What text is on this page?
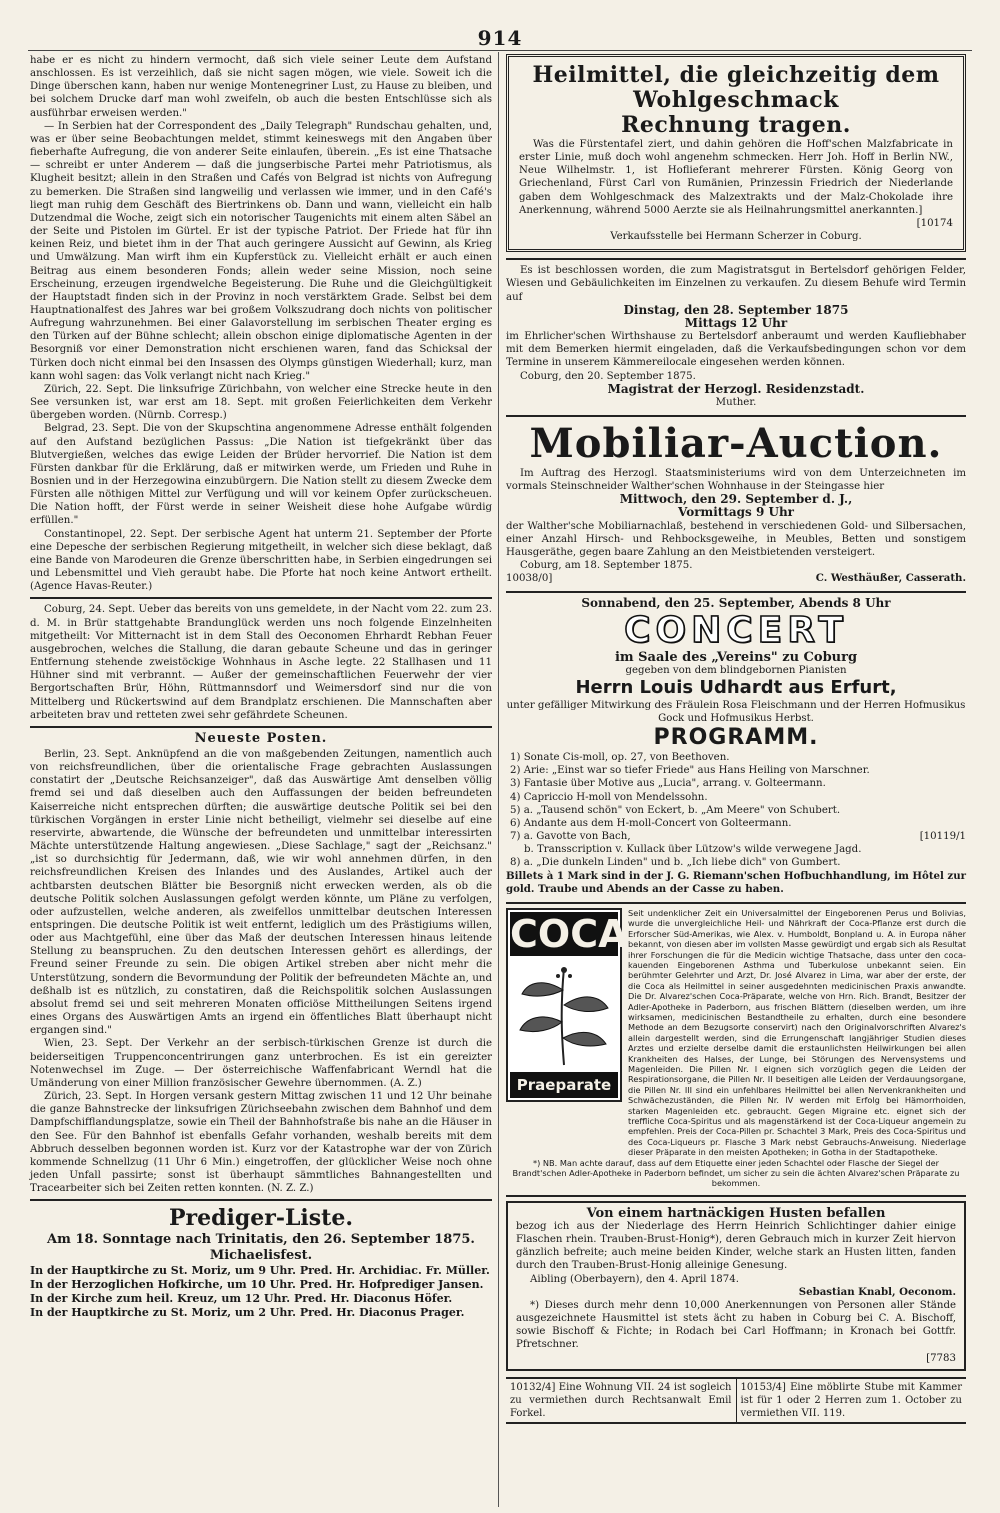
914

habe er es nicht zu hindern vermocht, daß sich viele seiner Leute dem Aufstand anschlossen. Es ist verzeihlich, daß sie nicht sagen mögen, wie viele. Soweit ich die Dinge überschen kann, haben nur wenige Montenegriner Lust, zu Hause zu bleiben, und bei solchem Drucke darf man wohl zweifeln, ob auch die besten Entschlüsse sich als ausführbar erweisen werden."

— In Serbien hat der Correspondent des „Daily Telegraph" Rundschau gehalten, und, was er über seine Beobachtungen meldet, stimmt keineswegs mit den Angaben über fieberhafte Aufregung, die von anderer Seite einlaufen, überein. „Es ist eine Thatsache — schreibt er unter Anderem — daß die jungserbische Partei mehr Patriotismus, als Klugheit besitzt; allein in den Straßen und Cafés von Belgrad ist nichts von Aufregung zu bemerken. Die Straßen sind langweilig und verlassen wie immer, und in den Café's liegt man ruhig dem Geschäft des Biertrinkens ob. Dann und wann, vielleicht ein halb Dutzendmal die Woche, zeigt sich ein notorischer Taugenichts mit einem alten Säbel an der Seite und Pistolen im Gürtel. Er ist der typische Patriot. Der Friede hat für ihn keinen Reiz, und bietet ihm in der That auch geringere Aussicht auf Gewinn, als Krieg und Umwälzung. Man wirft ihm ein Kupferstück zu. Vielleicht erhält er auch einen Beitrag aus einem besonderen Fonds; allein weder seine Mission, noch seine Erscheinung, erzeugen irgendwelche Begeisterung. Die Ruhe und die Gleichgültigkeit der Hauptstadt finden sich in der Provinz in noch verstärktem Grade. Selbst bei dem Hauptnationalfest des Jahres war bei großem Volkszudrang doch nichts von politischer Aufregung wahrzunehmen. Bei einer Galavorstellung im serbischen Theater erging es den Türken auf der Bühne schlecht; allein obschon einige diplomatische Agenten in der Besorgniß vor einer Demonstration nicht erschienen waren, fand das Schicksal der Türken doch nicht einmal bei den Insassen des Olymps günstigen Wiederhall; kurz, man kann wohl sagen: das Volk verlangt nicht nach Krieg."

Zürich, 22. Sept. Die linksufrige Zürichbahn, von welcher eine Strecke heute in den See versunken ist, war erst am 18. Sept. mit großen Feierlichkeiten dem Verkehr übergeben worden. (Nürnb. Corresp.)

Belgrad, 23. Sept. Die von der Skupschtina angenommene Adresse enthält folgenden auf den Aufstand bezüglichen Passus: „Die Nation ist tiefgekränkt über das Blutvergießen, welches das ewige Leiden der Brüder hervorrief. Die Nation ist dem Fürsten dankbar für die Erklärung, daß er mitwirken werde, um Frieden und Ruhe in Bosnien und in der Herzegowina einzubürgern. Die Nation stellt zu diesem Zwecke dem Fürsten alle nöthigen Mittel zur Verfügung und will vor keinem Opfer zurückscheuen. Die Nation hofft, der Fürst werde in seiner Weisheit diese hohe Aufgabe würdig erfüllen."

Constantinopel, 22. Sept. Der serbische Agent hat unterm 21. September der Pforte eine Depesche der serbischen Regierung mitgetheilt, in welcher sich diese beklagt, daß eine Bande von Marodeuren die Grenze überschritten habe, in Serbien eingedrungen sei und Lebensmittel und Vieh geraubt habe. Die Pforte hat noch keine Antwort ertheilt. (Agence Havas-Reuter.)

Coburg, 24. Sept. Ueber das bereits von uns gemeldete, in der Nacht vom 22. zum 23. d. M. in Brür stattgehabte Brandunglück werden uns noch folgende Einzelnheiten mitgetheilt: Vor Mitternacht ist in dem Stall des Oeconomen Ehrhardt Rebhan Feuer ausgebrochen, welches die Stallung, die daran gebaute Scheune und das in geringer Entfernung stehende zweistöckige Wohnhaus in Asche legte. 22 Stallhasen und 11 Hühner sind mit verbrannt. — Außer der gemeinschaftlichen Feuerwehr der vier Bergortschaften Brür, Höhn, Rüttmannsdorf und Weimersdorf sind nur die von Mittelberg und Rückertswind auf dem Brandplatz erschienen. Die Mannschaften aber arbeiteten brav und retteten zwei sehr gefährdete Scheunen.

Neueste Posten.

Berlin, 23. Sept. Anknüpfend an die von maßgebenden Zeitungen, namentlich auch von reichsfreundlichen, über die orientalische Frage gebrachten Auslassungen constatirt der „Deutsche Reichsanzeiger", daß das Auswärtige Amt denselben völlig fremd sei und daß dieselben auch den Auffassungen der beiden befreundeten Kaiserreiche nicht entsprechen dürften; die auswärtige deutsche Politik sei bei den türkischen Vorgängen in erster Linie nicht betheiligt, vielmehr sei dieselbe auf eine reservirte, abwartende, die Wünsche der befreundeten und unmittelbar interessirten Mächte unterstützende Haltung angewiesen. „Diese Sachlage," sagt der „Reichsanz." „ist so durchsichtig für Jedermann, daß, wie wir wohl annehmen dürfen, in den reichsfreundlichen Kreisen des Inlandes und des Auslandes, Artikel auch der achtbarsten deutschen Blätter bie Besorgniß nicht erwecken werden, als ob die deutsche Politik solchen Auslassungen gefolgt werden könnte, um Pläne zu verfolgen, oder aufzustellen, welche anderen, als zweifellos unmittelbar deutschen Interessen entspringen. Die deutsche Politik ist weit entfernt, lediglich um des Prästigiums willen, oder aus Machtgefühl, eine über das Maß der deutschen Interessen hinaus leitende Stellung zu beanspruchen. Zu den deutschen Interessen gehört es allerdings, der Freund seiner Freunde zu sein. Die obigen Artikel streben aber nicht mehr die Unterstützung, sondern die Bevormundung der Politik der befreundeten Mächte an, und deßhalb ist es nützlich, zu constatiren, daß die Reichspolitik solchen Auslassungen absolut fremd sei und seit mehreren Monaten officiöse Mittheilungen Seitens irgend eines Organs des Auswärtigen Amts an irgend ein öffentliches Blatt überhaupt nicht ergangen sind."

Wien, 23. Sept. Der Verkehr an der serbisch-türkischen Grenze ist durch die beiderseitigen Truppenconcentrirungen ganz unterbrochen. Es ist ein gereizter Notenwechsel im Zuge. — Der österreichische Waffenfabricant Werndl hat die Umänderung von einer Million französischer Gewehre übernommen. (A. Z.)

Zürich, 23. Sept. In Horgen versank gestern Mittag zwischen 11 und 12 Uhr beinahe die ganze Bahnstrecke der linksufrigen Zürichseebahn zwischen dem Bahnhof und dem Dampfschifflandungsplatze, sowie ein Theil der Bahnhofstraße bis nahe an die Häuser in den See. Für den Bahnhof ist ebenfalls Gefahr vorhanden, weshalb bereits mit dem Abbruch desselben begonnen worden ist. Kurz vor der Katastrophe war der von Zürich kommende Schnellzug (11 Uhr 6 Min.) eingetroffen, der glücklicher Weise noch ohne jeden Unfall passirte; sonst ist überhaupt sämmtliches Bahnangestellten und Tracearbeiter sich bei Zeiten retten konnten. (N. Z. Z.)

Prediger-Liste.
Am 18. Sonntage nach Trinitatis, den 26. September 1875.
Michaelisfest.
In der Hauptkirche zu St. Moriz, um 9 Uhr. Pred. Hr. Archidiac. Fr. Müller.
In der Herzoglichen Hofkirche, um 10 Uhr. Pred. Hr. Hofprediger Jansen.
In der Kirche zum heil. Kreuz, um 12 Uhr. Pred. Hr. Diaconus Höfer.
In der Hauptkirche zu St. Moriz, um 2 Uhr. Pred. Hr. Diaconus Prager.
Heilmittel, die gleichzeitig dem Wohlgeschmack
Rechnung tragen.

Was die Fürstentafel ziert, und dahin gehören die Hoff'schen Malzfabricate in erster Linie, muß doch wohl angenehm schmecken. Herr Joh. Hoff in Berlin NW., Neue Wilhelmstr. 1, ist Hoflieferant mehrerer Fürsten. König Georg von Griechenland, Fürst Carl von Rumänien, Prinzessin Friedrich der Niederlande gaben dem Wohlgeschmack des Malzextrakts und der Malz-Chokolade ihre Anerkennung, während 5000 Aerzte sie als Heilnahrungsmittel anerkannten.]

[10174
Verkaufsstelle bei Hermann Scherzer in Coburg.

Es ist beschlossen worden, die zum Magistratsgut in Bertelsdorf gehörigen Felder, Wiesen und Gebäulichkeiten im Einzelnen zu verkaufen. Zu diesem Behufe wird Termin auf

Dinstag, den 28. September 1875
Mittags 12 Uhr

im Ehrlicher'schen Wirthshause zu Bertelsdorf anberaumt und werden Kaufliebhaber mit dem Bemerken hiermit eingeladen, daß die Verkaufsbedingungen schon vor dem Termine in unserem Kämmereilocale eingesehen werden können.

Coburg, den 20. September 1875.
Magistrat der Herzogl. Residenzstadt.
Muther.
Mobiliar-Auction.

Im Auftrag des Herzogl. Staatsministeriums wird von dem Unterzeichneten im vormals Steinschneider Walther'schen Wohnhause in der Steingasse hier

Mittwoch, den 29. September d. J.,
Vormittags 9 Uhr

der Walther'sche Mobiliarnachlaß, bestehend in verschiedenen Gold- und Silbersachen, einer Anzahl Hirsch- und Rehbocksgeweihe, in Meubles, Betten und sonstigem Hausgeräthe, gegen baare Zahlung an den Meistbietenden versteigert.

Coburg, am 18. September 1875.
10038/0]	C. Westhäußer, Casserath.
Sonnabend, den 25. September, Abends 8 Uhr
CONCERT
im Saale des „Vereins" zu Coburg
gegeben von dem blindgebornen Pianisten
Herrn Louis Udhardt aus Erfurt,
unter gefälliger Mitwirkung des Fräulein Rosa Fleischmann und der Herren Hofmusikus Gock und Hofmusikus Herbst.
PROGRAMM.
1) Sonate Cis-moll, op. 27, von Beethoven.
2) Arie: „Einst war so tiefer Friede" aus Hans Heiling von Marschner.
3) Fantasie über Motive aus „Lucia", arrang. v. Golteermann.
4) Capriccio H-moll von Mendelssohn.
5) a. „Tausend schön" von Eckert, b. „Am Meere" von Schubert.
6) Andante aus dem H-moll-Concert von Golteermann.
7) a. Gavotte von Bach,	[10119/1
b. Transscription v. Kullack über Lützow's wilde verwegene Jagd.
8) a. „Die dunkeln Linden" und b. „Ich liebe dich" von Gumbert.

Billets à 1 Mark sind in der J. G. Riemann'schen Hofbuchhandlung, im Hôtel zur gold. Traube und Abends an der Casse zu haben.

COCA
Praeparate

Seit undenklicher Zeit ein Universalmittel der Eingeborenen Perus und Bolivias, wurde die unvergleichliche Heil- und Nährkraft der Coca-Pflanze erst durch die Erforscher Süd-Amerikas, wie Alex. v. Humboldt, Bonpland u. A. in Europa näher bekannt, von diesen aber im vollsten Masse gewürdigt und ergab sich als Resultat ihrer Forschungen die für die Medicin wichtige Thatsache, dass unter den coca-kauenden Eingeborenen Asthma und Tuberkulose unbekannt seien. Ein berühmter Gelehrter und Arzt, Dr. José Alvarez in Lima, war aber der erste, der die Coca als Heilmittel in seiner ausgedehnten medicinischen Praxis anwandte. Die Dr. Alvarez'schen Coca-Präparate, welche von Hrn. Rich. Brandt, Besitzer der Adler-Apotheke in Paderborn, aus frischen Blättern (dieselben werden, um ihre wirksamen, medicinischen Bestandtheile zu erhalten, durch eine besondere Methode an dem Bezugsorte conservirt) nach den Originalvorschriften Alvarez's allein dargestellt werden, sind die Errungenschaft langjähriger Studien dieses Arztes und erzielte derselbe damit die erstaunlichsten Heilwirkungen bei allen Krankheiten des Halses, der Lunge, bei Störungen des Nervensystems und Magenleiden. Die Pillen Nr. I eignen sich vorzüglich gegen die Leiden der Respirationsorgane, die Pillen Nr. II beseitigen alle Leiden der Verdauungsorgane, die Pillen Nr. III sind ein unfehlbares Heilmittel bei allen Nervenkrankheiten und Schwächezuständen, die Pillen Nr. IV werden mit Erfolg bei Hämorrhoiden, starken Magenleiden etc. gebraucht. Gegen Migraine etc. eignet sich der treffliche Coca-Spiritus und als magenstärkend ist der Coca-Liqueur angemein zu empfehlen. Preis der Coca-Pillen pr. Schachtel 3 Mark, Preis des Coca-Spiritus und des Coca-Liqueurs pr. Flasche 3 Mark nebst Gebrauchs-Anweisung. Niederlage dieser Präparate in den meisten Apotheken; in Gotha in der Stadtapotheke.

*) NB. Man achte darauf, dass auf dem Etiquette einer jeden Schachtel oder Flasche der Siegel der Brandt'schen Adler-Apotheke in Paderborn befindet, um sicher zu sein die ächten Alvarez'schen Präparate zu bekommen.

Von einem hartnäckigen Husten befallen

bezog ich aus der Niederlage des Herrn Heinrich Schlichtinger dahier einige Flaschen rhein. Trauben-Brust-Honig*), deren Gebrauch mich in kurzer Zeit hiervon gänzlich befreite; auch meine beiden Kinder, welche stark an Husten litten, fanden durch den Trauben-Brust-Honig alleinige Genesung.

Aibling (Oberbayern), den 4. April 1874.
Sebastian Knabl, Oeconom.

*) Dieses durch mehr denn 10,000 Anerkennungen von Personen aller Stände ausgezeichnete Hausmittel ist stets ächt zu haben in Coburg bei C. A. Bischoff, sowie Bischoff & Fichte; in Rodach bei Carl Hoffmann; in Kronach bei Gottfr. Pfretschner.

[7783
10132/4] Eine Wohnung VII. 24 ist sogleich zu vermiethen durch Rechtsanwalt Emil Forkel.
10153/4] Eine möblirte Stube mit Kammer ist für 1 oder 2 Herren zum 1. October zu vermiethen VII. 119.
